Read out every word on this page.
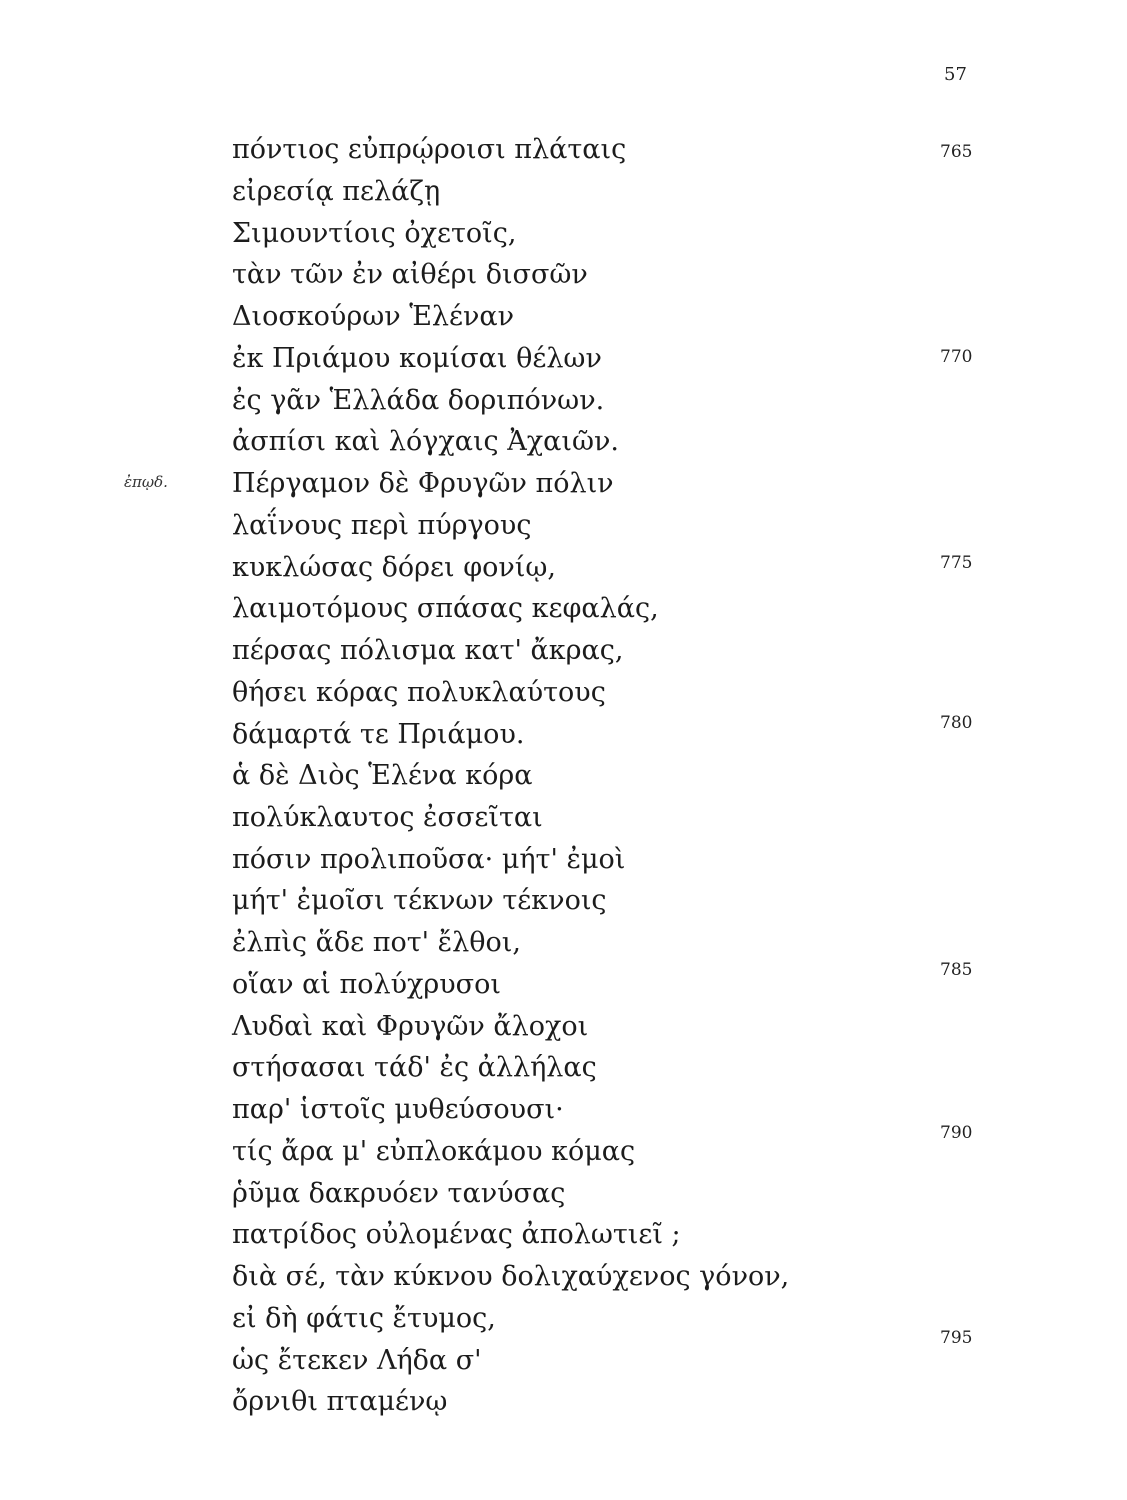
57
ἐπῳδ.
πόντιος εὐπρῴροισι πλάταις
εἰρεσίᾳ πελάζῃ
Σιμουντίοις ὀχετοῖς,
τὰν τῶν ἐν αἰθέρι δισσῶν
Διοσκούρων Ἑλέναν
ἐκ Πριάμου κομίσαι θέλων
ἐς γᾶν Ἑλλάδα δοριπόνων.
ἀσπίσι καὶ λόγχαις Ἀχαιῶν.
Πέργαμον δὲ Φρυγῶν πόλιν
λαΐνους περὶ πύργους
κυκλώσας δόρει φονίῳ,
λαιμοτόμους σπάσας κεφαλάς,
πέρσας πόλισμα κατ' ἄκρας,
θήσει κόρας πολυκλαύτους
δάμαρτά τε Πριάμου.
ἁ δὲ Διὸς Ἑλένα κόρα
πολύκλαυτος ἐσσεῖται
πόσιν προλιποῦσα· μήτ' ἐμοὶ
μήτ' ἐμοῖσι τέκνων τέκνοις
ἐλπὶς ἅδε ποτ' ἔλθοι,
οἵαν αἱ πολύχρυσοι
Λυδαὶ καὶ Φρυγῶν ἄλοχοι
στήσασαι τάδ' ἐς ἀλλήλας
παρ' ἱστοῖς μυθεύσουσι·
τίς ἄρα μ' εὐπλοκάμου κόμας
ῥῦμα δακρυόεν τανύσας
πατρίδος οὐλομένας ἀπολωτιεῖ ;
διὰ σέ, τὰν κύκνου δολιχαύχενος γόνον,
εἰ δὴ φάτις ἔτυμος,
ὡς ἔτεκεν Λήδα σ'
ὄρνιθι πταμένῳ
765
770
775
780
785
790
795
